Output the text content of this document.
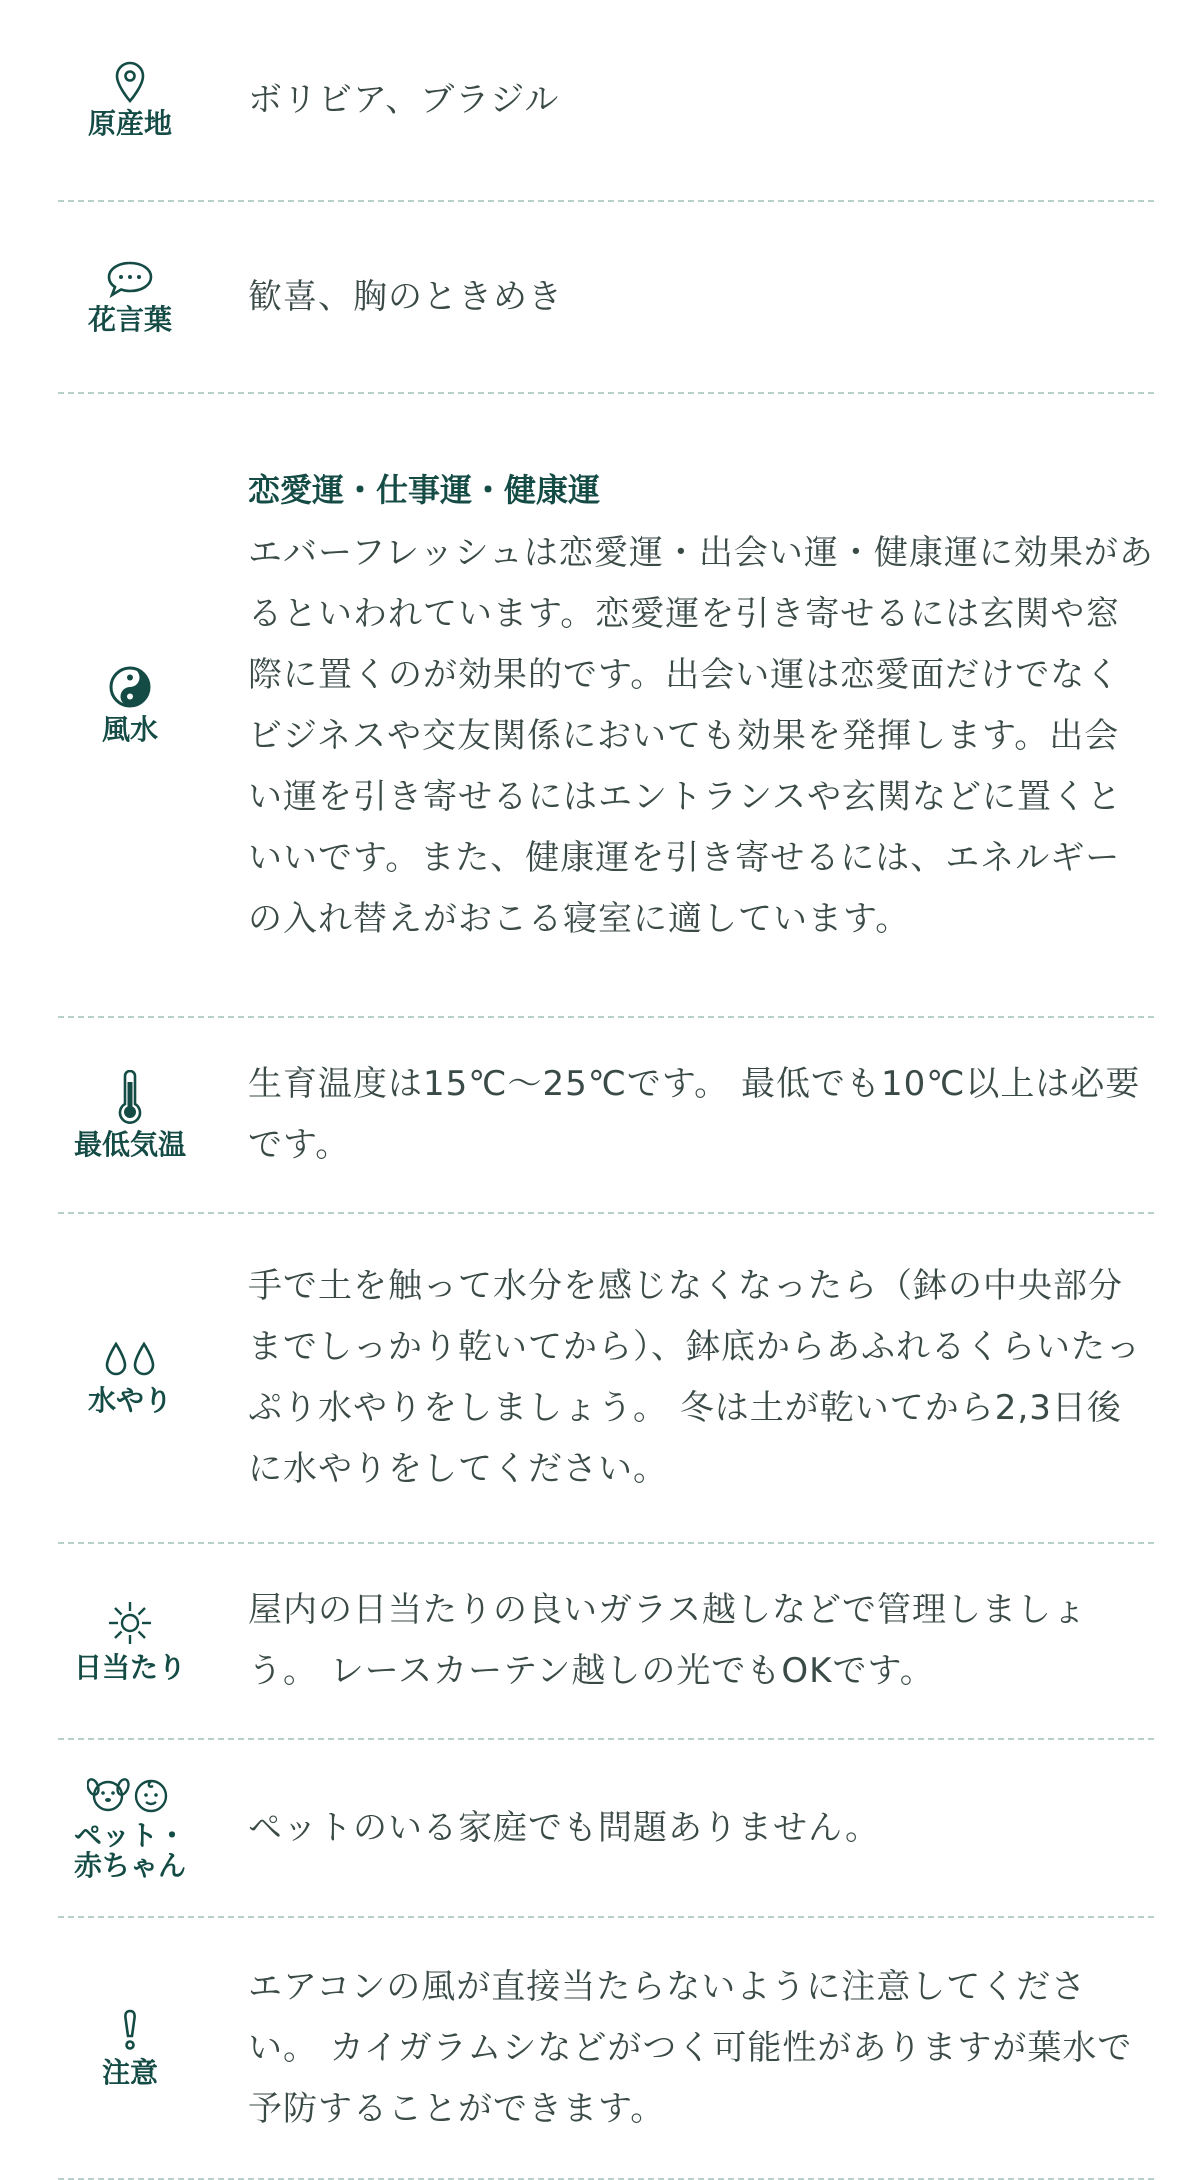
原産地
ボリビア、ブラジル
花言葉
歓喜、胸のときめき
風水
恋愛運・仕事運・健康運
エバーフレッシュは恋愛運・出会い運・健康運に効果があるといわれています。恋愛運を引き寄せるには玄関や窓際に置くのが効果的です。出会い運は恋愛面だけでなくビジネスや交友関係においても効果を発揮します。出会い運を引き寄せるにはエントランスや玄関などに置くといいです。また、健康運を引き寄せるには、エネルギーの入れ替えがおこる寝室に適しています。
最低気温
生育温度は15℃〜25℃です。 最低でも10℃以上は必要です。
水やり
手で土を触って水分を感じなくなったら（鉢の中央部分までしっかり乾いてから）、鉢底からあふれるくらいたっぷり水やりをしましょう。 冬は土が乾いてから2,3日後に水やりをしてください。
日当たり
屋内の日当たりの良いガラス越しなどで管理しましょう。 レースカーテン越しの光でもOKです。
ペット・
赤ちゃん
ペットのいる家庭でも問題ありません。
注意
エアコンの風が直接当たらないように注意してください。 カイガラムシなどがつく可能性がありますが葉水で予防することができます。
